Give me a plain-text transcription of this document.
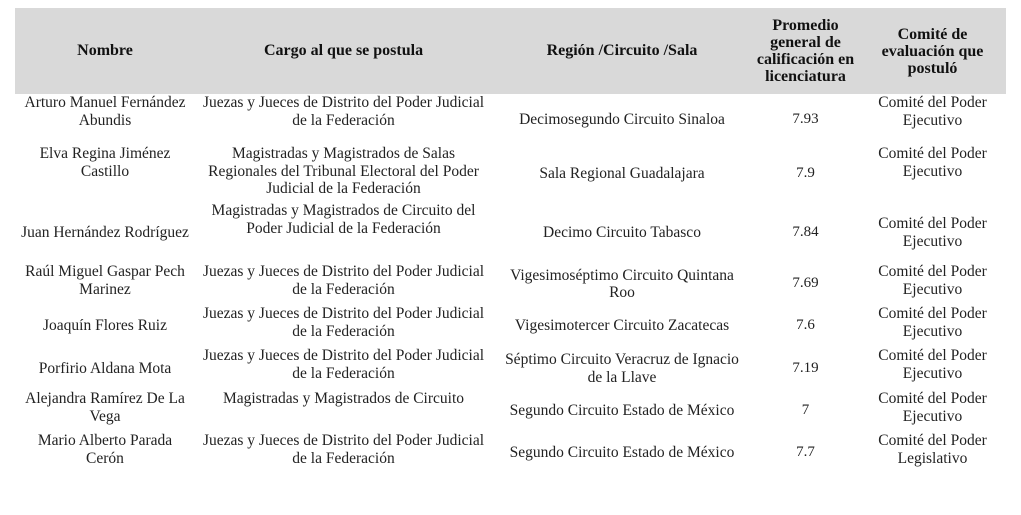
Nombre	Cargo al que se postula	Región /Circuito /Sala	Promedio general de calificación en licenciatura	Comité de evaluación que postuló
Arturo Manuel Fernández Abundis	Juezas y Jueces de Distrito del Poder Judicial de la Federación	Decimosegundo Circuito Sinaloa	7.93	Comité del Poder Ejecutivo
Elva Regina Jiménez Castillo	Magistradas y Magistrados de Salas Regionales del Tribunal Electoral del Poder Judicial de la Federación	Sala Regional Guadalajara	7.9	Comité del Poder Ejecutivo
Juan Hernández Rodríguez	Magistradas y Magistrados de Circuito del Poder Judicial de la Federación	Decimo Circuito Tabasco	7.84	Comité del Poder Ejecutivo
Raúl Miguel Gaspar Pech Marinez	Juezas y Jueces de Distrito del Poder Judicial de la Federación	Vigesimoséptimo Circuito Quintana Roo	7.69	Comité del Poder Ejecutivo
Joaquín Flores Ruiz	Juezas y Jueces de Distrito del Poder Judicial de la Federación	Vigesimotercer Circuito Zacatecas	7.6	Comité del Poder Ejecutivo
Porfirio Aldana Mota	Juezas y Jueces de Distrito del Poder Judicial de la Federación	Séptimo Circuito Veracruz de Ignacio de la Llave	7.19	Comité del Poder Ejecutivo
Alejandra Ramírez De La Vega	Magistradas y Magistrados de Circuito	Segundo Circuito Estado de México	7	Comité del Poder Ejecutivo
Mario Alberto Parada Cerón	Juezas y Jueces de Distrito del Poder Judicial de la Federación	Segundo Circuito Estado de México	7.7	Comité del Poder Legislativo
